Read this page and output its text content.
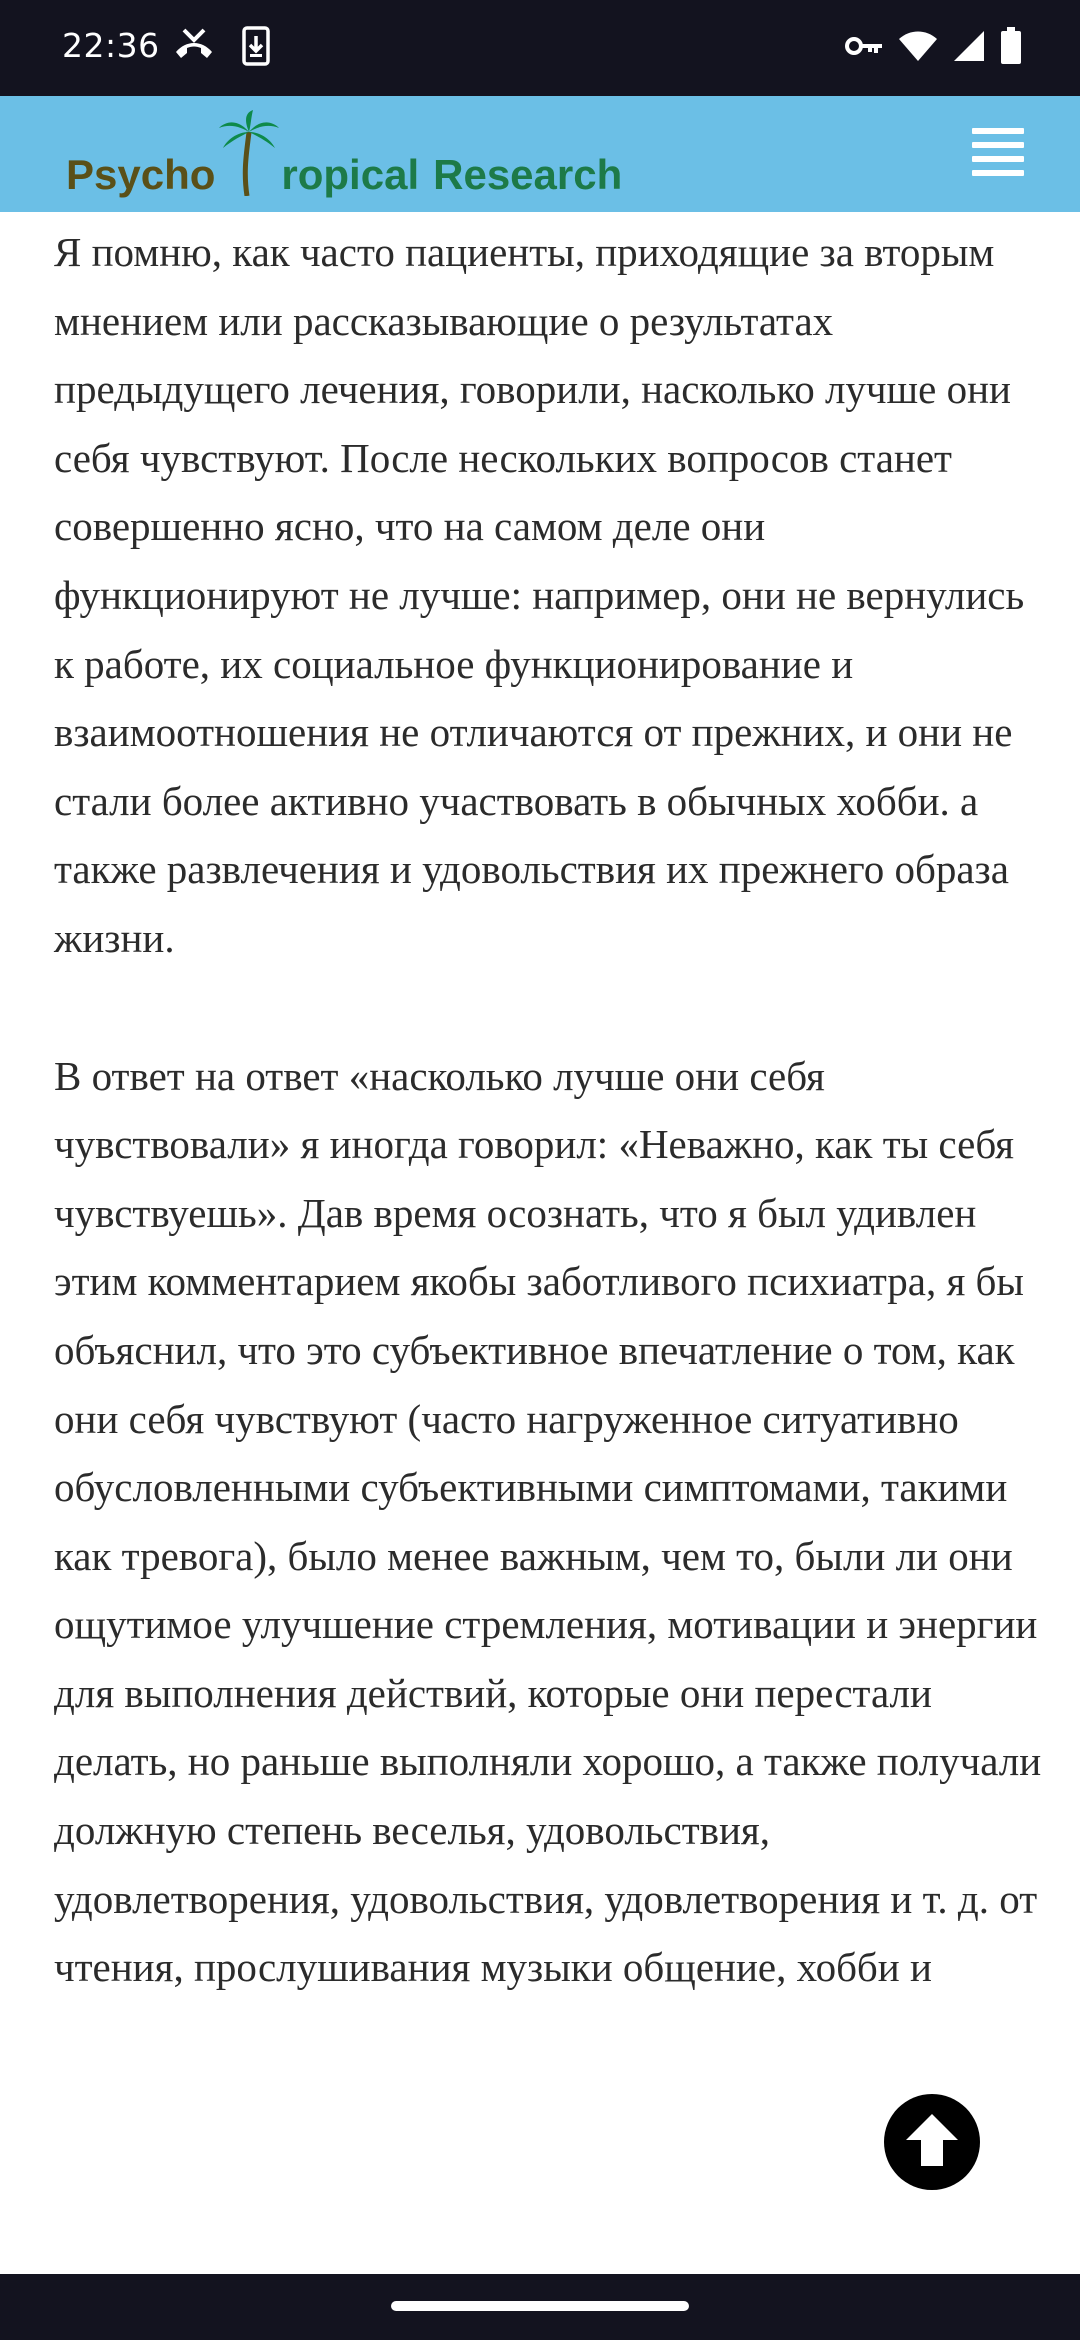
22:36
Psycho ropical Research

Я помню, как часто пациенты, приходящие за вторым мнением или рассказывающие о результатах предыдущего лечения, говорили, насколько лучше они себя чувствуют. После нескольких вопросов станет совершенно ясно, что на самом деле они функционируют не лучше: например, они не вернулись к работе, их социальное функционирование и взаимоотношения не отличаются от прежних, и они не стали более активно участвовать в обычных хобби. а также развлечения и удовольствия их прежнего образа жизни.

В ответ на ответ «насколько лучше они себя чувствовали» я иногда говорил: «Неважно, как ты себя чувствуешь». Дав время осознать, что я был удивлен этим комментарием якобы заботливого психиатра, я бы объяснил, что это субъективное впечатление о том, как они себя чувствуют (часто нагруженное ситуативно обусловленными субъективными симптомами, такими как тревога), было менее важным, чем то, были ли они ощутимое улучшение стремления, мотивации и энергии для выполнения действий, которые они перестали делать, но раньше выполняли хорошо, а также получали должную степень веселья, удовольствия, удовлетворения, удовольствия, удовлетворения и т. д. от чтения, прослушивания музыки общение, хобби и
